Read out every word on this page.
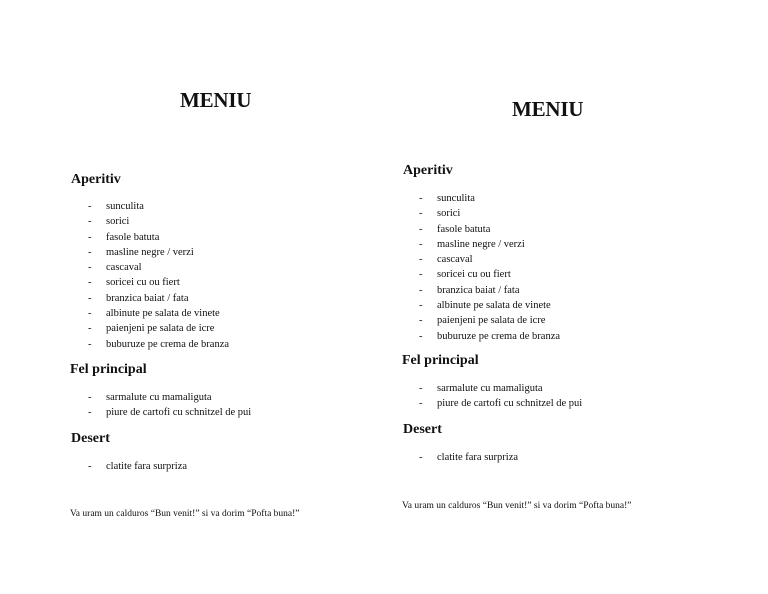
MENIU
Aperitiv
- sunculita
- sorici
- fasole batuta
- masline negre / verzi
- cascaval
- soricei cu ou fiert
- branzica baiat / fata
- albinute pe salata de vinete
- paienjeni pe salata de icre
- buburuze pe crema de branza
Fel principal
- sarmalute cu mamaliguta
- piure de cartofi cu schnitzel de pui
Desert
- clatite fara surpriza
Va uram un calduros “Bun venit!” si va dorim “Pofta buna!”
MENIU
Aperitiv
- sunculita
- sorici
- fasole batuta
- masline negre / verzi
- cascaval
- soricei cu ou fiert
- branzica baiat / fata
- albinute pe salata de vinete
- paienjeni pe salata de icre
- buburuze pe crema de branza
Fel principal
- sarmalute cu mamaliguta
- piure de cartofi cu schnitzel de pui
Desert
- clatite fara surpriza
Va uram un calduros “Bun venit!” si va dorim “Pofta buna!”
